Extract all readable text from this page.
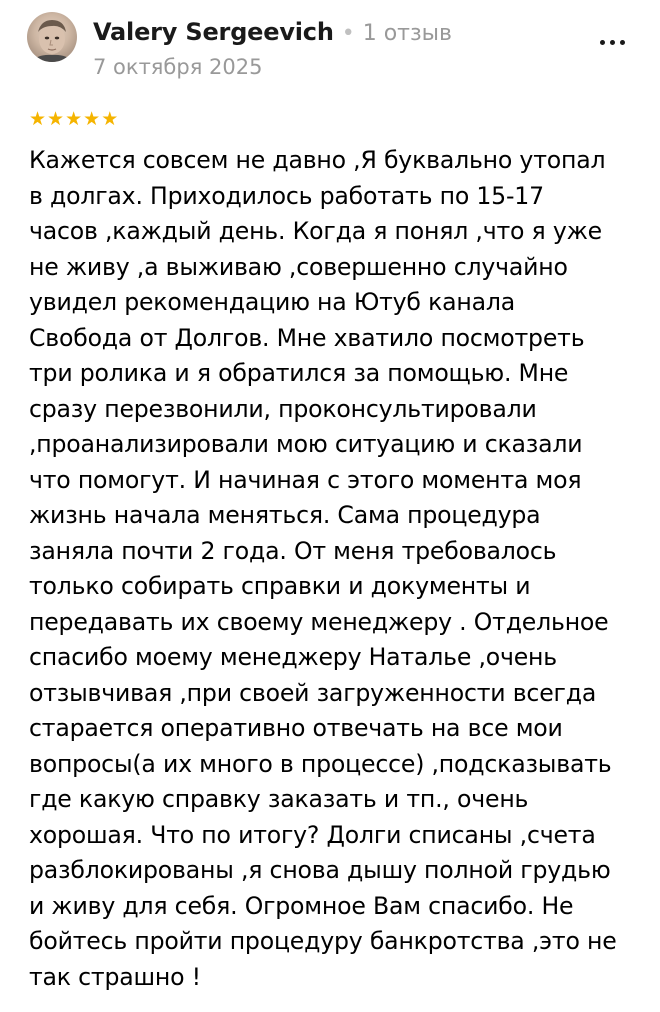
Valery Sergeevich • 1 отзыв
7 октября 2025
★ ★ ★ ★ ★
Кажется совсем не давно ,Я буквально утопал
в долгах. Приходилось работать по 15-17
часов ,каждый день. Когда я понял ,что я уже
не живу ,а выживаю ,совершенно случайно
увидел рекомендацию на Ютуб канала
Свобода от Долгов. Мне хватило посмотреть
три ролика и я обратился за помощью. Мне
сразу перезвонили, проконсультировали
,проанализировали мою ситуацию и сказали
что помогут. И начиная с этого момента моя
жизнь начала меняться. Сама процедура
заняла почти 2 года. От меня требовалось
только собирать справки и документы и
передавать их своему менеджеру . Отдельное
спасибо моему менеджеру Наталье ,очень
отзывчивая ,при своей загруженности всегда
старается оперативно отвечать на все мои
вопросы(а их много в процессе) ,подсказывать
где какую справку заказать и тп., очень
хорошая. Что по итогу? Долги списаны ,счета
разблокированы ,я снова дышу полной грудью
и живу для себя. Огромное Вам спасибо. Не
бойтесь пройти процедуру банкротства ,это не
так страшно !
